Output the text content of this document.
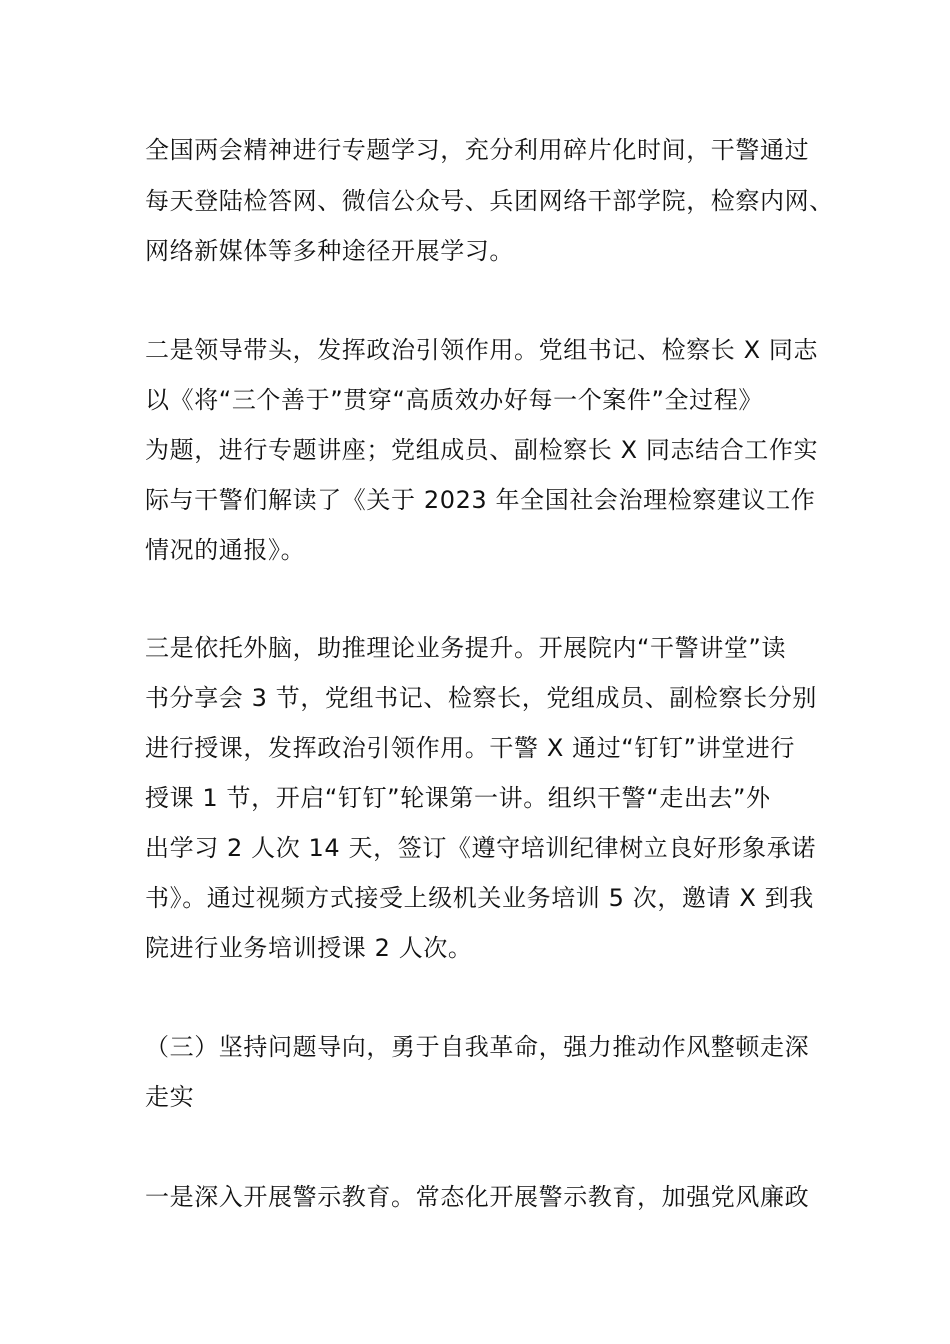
全国两会精神进行专题学习，充分利用碎片化时间，干警通过
每天登陆检答网、微信公众号、兵团网络干部学院，检察内网、
网络新媒体等多种途径开展学习。
二是领导带头，发挥政治引领作用。党组书记、检察长 X 同志
以《将“三个善于”贯穿“高质效办好每一个案件”全过程》
为题，进行专题讲座；党组成员、副检察长 X 同志结合工作实
际与干警们解读了《关于 2023 年全国社会治理检察建议工作
情况的通报》。
三是依托外脑，助推理论业务提升。开展院内“干警讲堂”读
书分享会 3 节，党组书记、检察长，党组成员、副检察长分别
进行授课，发挥政治引领作用。干警 X 通过“钉钉”讲堂进行
授课 1 节，开启“钉钉”轮课第一讲。组织干警“走出去”外
出学习 2 人次 14 天，签订《遵守培训纪律树立良好形象承诺
书》。通过视频方式接受上级机关业务培训 5 次，邀请 X 到我
院进行业务培训授课 2 人次。
（三）坚持问题导向，勇于自我革命，强力推动作风整顿走深
走实
一是深入开展警示教育。常态化开展警示教育，加强党风廉政
